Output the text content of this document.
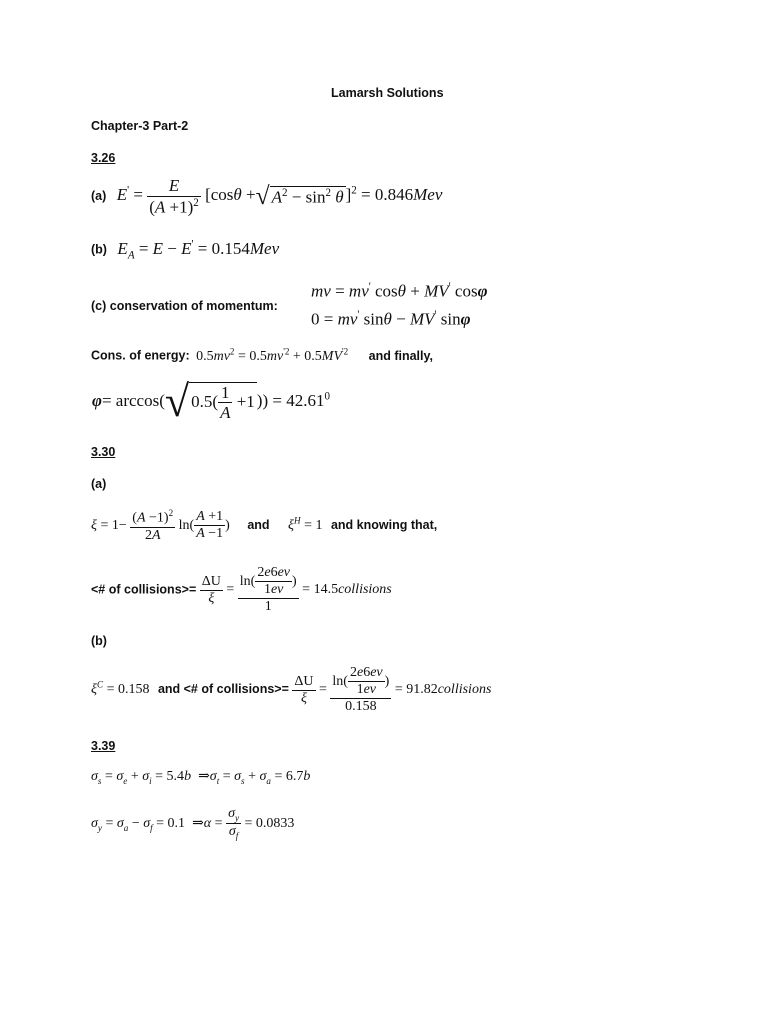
Lamarsh Solutions
Chapter-3 Part-2
3.26
(a) $E' = \frac{E}{(A +1)^2} [\cos\theta$ +√ $A^2 - \sin^2 \theta$ ]$^2$ = 0.846Mev
(b) $E_A = E - E' = 0.154Mev$
(c) conservation of momentum:
mv = mv' cosθ + MV' cosφ
0 = mv' sinθ − MV' sinφ
Cons. of energy: $0.5mv^2 = 0.5mv^{'2} + 0.5MV^{'2}$ and finally,
φ= arccos(√ $0.5( \frac{1}{A} +1$ )) = $42.61^0$
3.30
(a)
$\xi = 1- \frac{(A -1)^2}{2A} \ln( \frac{A +1}{A -1}$ ) and $\xi^H = 1$ and knowing that,
<# of collisions>= $\frac{\Delta U}{\xi} = \frac{\ln( \frac{2e6ev}{1ev} )}{1}$ = 14.5collisions
(b)
$\xi^C = 0.158$ and <# of collisions>= $\frac{\Delta U}{\xi} = \frac{\ln( \frac{2e6ev}{1ev} )}{0.158}$ = 91.82collisions
3.39
$\sigma_s = \sigma_e + \sigma_i = 5.4b$  $\Rightarrow\sigma_t = \sigma_s + \sigma_a = 6.7b$
$\sigma_y = \sigma_a - \sigma_f = 0.1$  ⇒α = $\frac{\sigma_y}{\sigma_f} = 0.0833$
